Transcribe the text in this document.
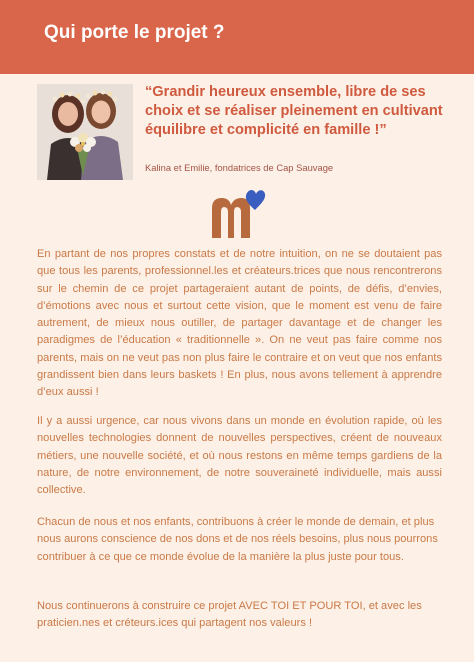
Qui porte le projet ?

“Grandir heureux ensemble, libre de ses choix et se réaliser pleinement en cultivant équilibre et complicité en famille !”

Kalina et Emilie, fondatrices de Cap Sauvage

En partant de nos propres constats et de notre intuition, on ne se doutaient pas que tous les parents, professionnel.les et créateurs.trices que nous rencontrerons sur le chemin de ce projet partageraient autant de points, de défis, d’envies, d’émotions avec nous et surtout cette vision, que le moment est venu de faire autrement, de mieux nous outiller, de partager davantage et de changer les paradigmes de l’éducation « traditionnelle ». On ne veut pas faire comme nos parents, mais on ne veut pas non plus faire le contraire et on veut que nos enfants grandissent bien dans leurs baskets ! En plus, nous avons tellement à apprendre d’eux aussi !

Il y a aussi urgence, car nous vivons dans un monde en évolution rapide, où les nouvelles technologies donnent de nouvelles perspectives, créent de nouveaux métiers, une nouvelle société, et où nous restons en même temps gardiens de la nature, de notre environnement, de notre souveraineté individuelle, mais aussi collective.

Chacun de nous et nos enfants, contribuons à créer le monde de demain, et plus nous aurons conscience de nos dons et de nos réels besoins, plus nous pourrons contribuer à ce que ce monde évolue de la manière la plus juste pour tous.

Nous continuerons à construire ce projet AVEC TOI ET POUR TOI, et avec les praticien.nes et créteurs.ices qui partagent nos valeurs !
